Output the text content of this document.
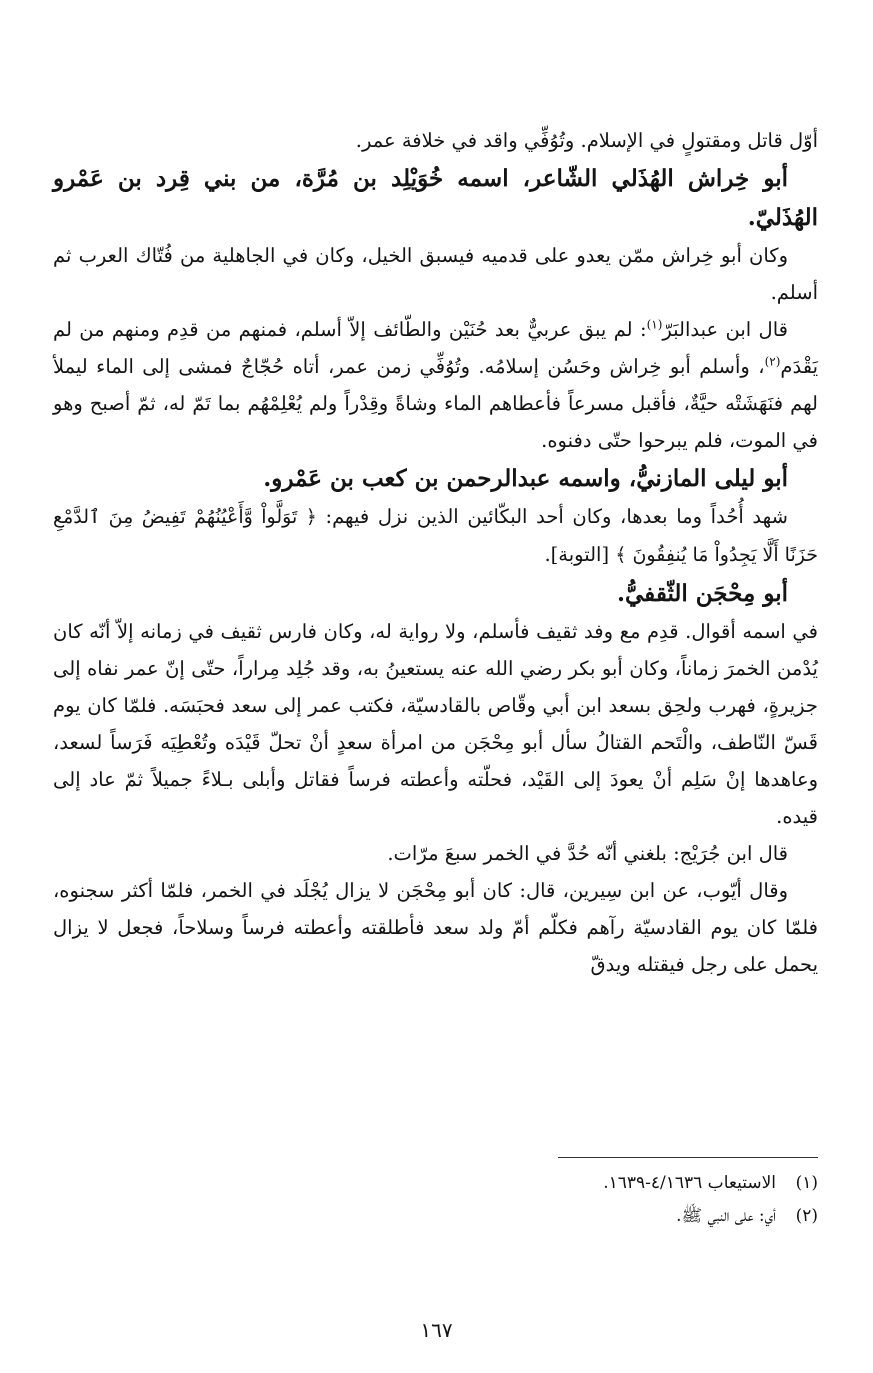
أوّل قاتل ومقتولٍ في الإسلام. وتُوُفِّي واقد في خلافة عمر.

أبو خِراش الهُذَلي الشّاعر، اسمه خُوَيْلِد بن مُرَّة، من بني قِرد بن عَمْرو الهُذَليّ.

وكان أبو خِراش ممّن يعدو على قدميه فيسبق الخيل، وكان في الجاهلية من فُتّاك العرب ثم أسلم.

قال ابن عبدالبَرّ$^{(١)}$: لم يبق عربيٌّ بعد حُنَيْن والطّائف إلاّ أسلم، فمنهم من قدِم ومنهم من لم يَقْدَم$^{(٢)}$، وأسلم أبو خِراش وحَسُن إسلامُه. وتُوُفِّي زمن عمر، أتاه حُجّاجٌ فمشى إلى الماء ليملأ لهم فنَهَشَتْه حيَّةٌ، فأقبل مسرعاً فأعطاهم الماء وشاةً وقِدْراً ولم يُعْلِمْهُم بما تَمّ له، ثمّ أصبح وهو في الموت، فلم يبرحوا حتّى دفنوه.

أبو ليلى المازنيُّ، واسمه عبدالرحمن بن كعب بن عَمْرو.

شهد أُحُداً وما بعدها، وكان أحد البكّائين الذين نزل فيهم: ﴿ تَوَلَّواْ وَّأَعْيُنُهُمْ تَفِيضُ مِنَ ٱلدَّمْعِ حَزَنًا أَلَّا يَجِدُواْ مَا يُنفِقُونَ ﴾ [التوبة].

أبو مِحْجَن الثّقفيُّ.

في اسمه أقوال. قدِم مع وفد ثقيف فأسلم، ولا رواية له، وكان فارس ثقيف في زمانه إلاّ أنّه كان يُدْمن الخمرَ زماناً، وكان أبو بكر رضي الله عنه يستعينُ به، وقد جُلِد مِراراً، حتّى إنّ عمر نفاه إلى جزيرةٍ، فهرب ولحِق بسعد ابن أبي وقّاص بالقادسيّة، فكتب عمر إلى سعد فحبَسَه. فلمّا كان يوم قَسّ النّاطف، والْتَحم القتالُ سأل أبو مِحْجَن من امرأة سعدٍ أنْ تحلّ قَيْدَه وتُعْطِيَه فَرَساً لسعد، وعاهدها إنْ سَلِم أنْ يعودَ إلى القَيْد، فحلّته وأعطته فرساً فقاتل وأبلى بـلاءً جميلاً ثمّ عاد إلى قيده.

قال ابن جُرَيْج: بلغني أنّه حُدَّ في الخمر سبعَ مرّات.

وقال أيّوب، عن ابن سِيرين، قال: كان أبو مِحْجَن لا يزال يُجْلَد في الخمر، فلمّا أكثر سجنوه، فلمّا كان يوم القادسيّة رآهم فكلّم أمّ ولد سعد فأطلقته وأعطته فرساً وسلاحاً، فجعل لا يزال يحمل على رجل فيقتله ويدقّ

(١)الاستيعاب ٤/١٦٣٦-١٦٣٩.
(٢)أي: على النبي ﷺ.
١٦٧
